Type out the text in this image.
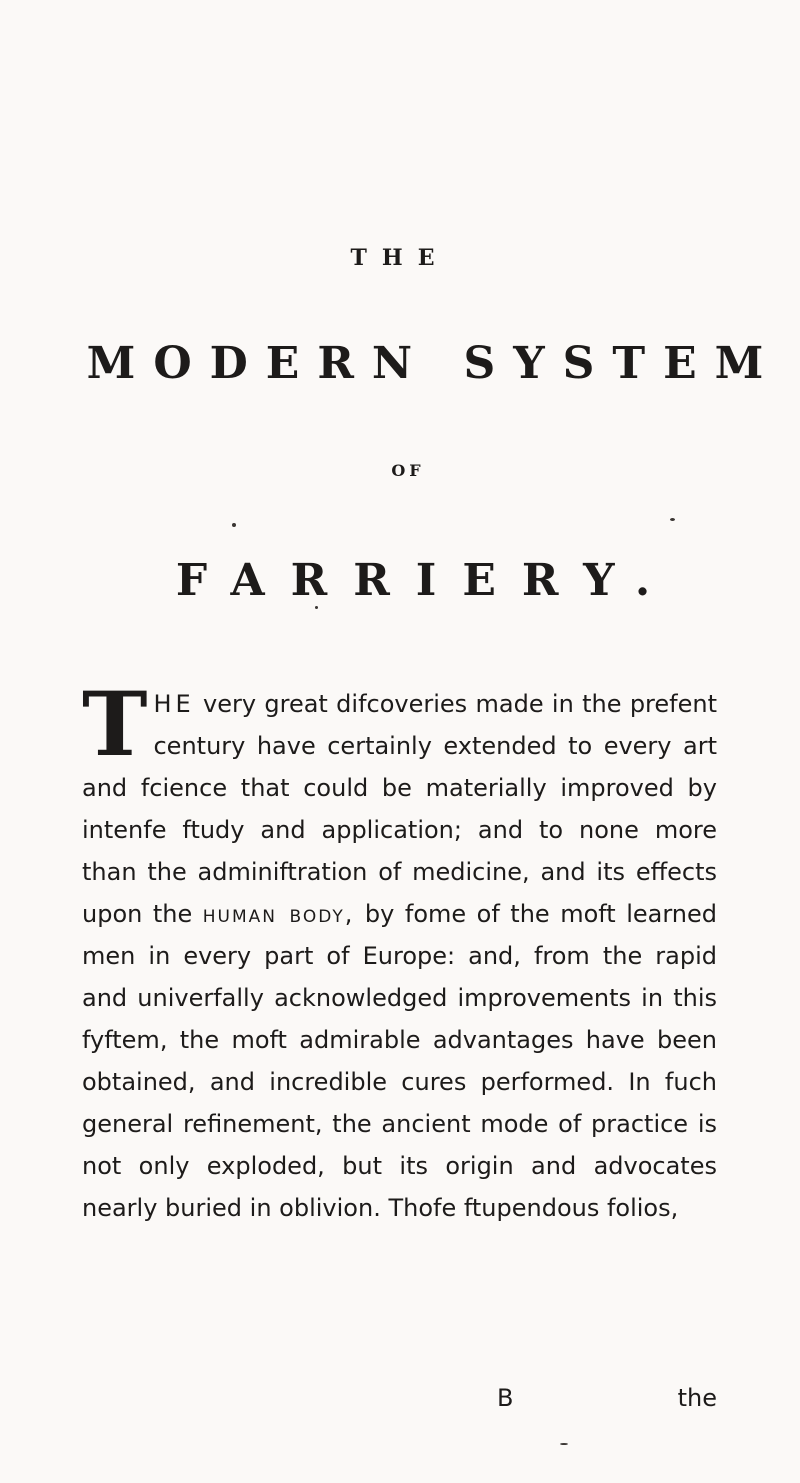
THE
MODERN SYSTEM
OF
FARRIERY.
THE very great difcoveries made in the prefent century have certainly extended to every art and fcience that could be materially improved by intenfe ftudy and application; and to none more than the adminiftration of medicine, and its effects upon the human body, by fome of the moft learned men in every part of Europe: and, from the rapid and univerfally acknowledged improvements in this fyftem, the moft admirable advantages have been obtained, and incredible cures performed. In fuch general refinement, the ancient mode of practice is not only exploded, but its origin and advocates nearly buried in oblivion. Thofe ftupendous folios,
B	the
